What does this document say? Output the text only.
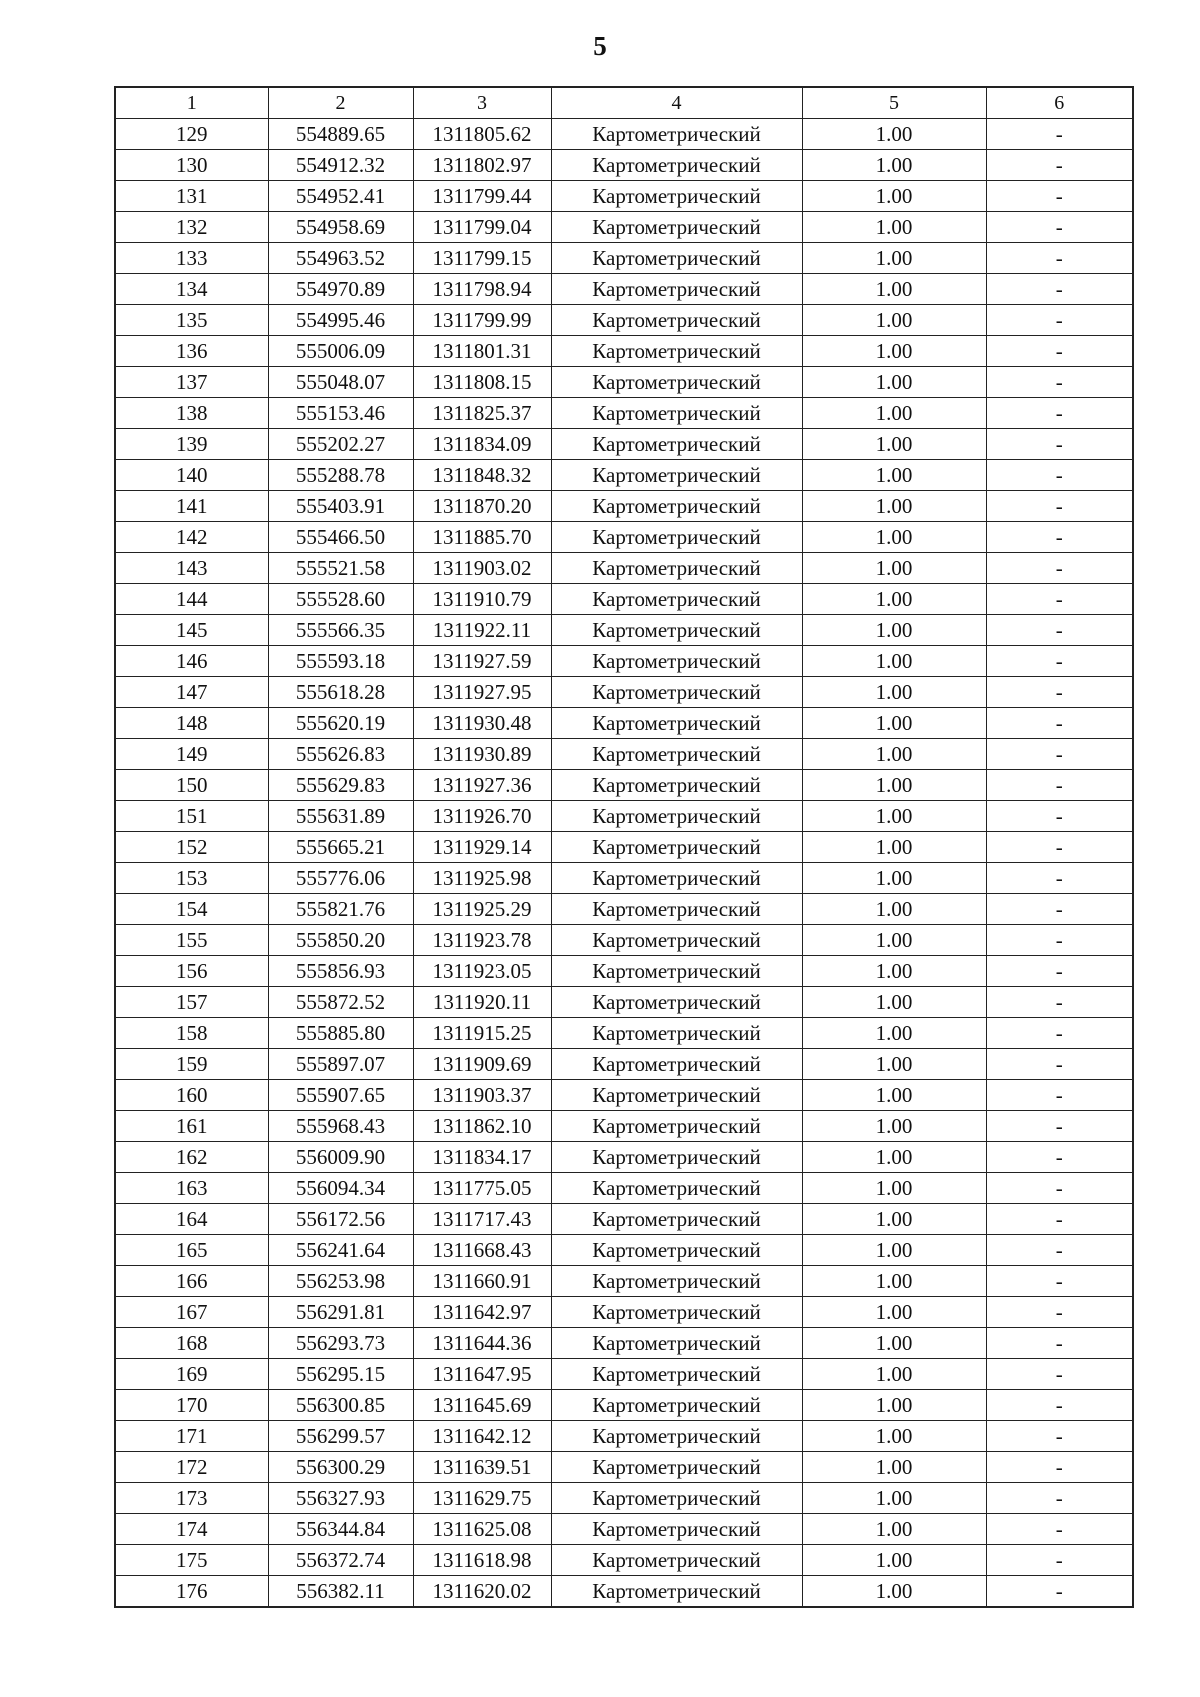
5
1	2	3	4	5	6
129	554889.65	1311805.62	Картометрический	1.00	-
130	554912.32	1311802.97	Картометрический	1.00	-
131	554952.41	1311799.44	Картометрический	1.00	-
132	554958.69	1311799.04	Картометрический	1.00	-
133	554963.52	1311799.15	Картометрический	1.00	-
134	554970.89	1311798.94	Картометрический	1.00	-
135	554995.46	1311799.99	Картометрический	1.00	-
136	555006.09	1311801.31	Картометрический	1.00	-
137	555048.07	1311808.15	Картометрический	1.00	-
138	555153.46	1311825.37	Картометрический	1.00	-
139	555202.27	1311834.09	Картометрический	1.00	-
140	555288.78	1311848.32	Картометрический	1.00	-
141	555403.91	1311870.20	Картометрический	1.00	-
142	555466.50	1311885.70	Картометрический	1.00	-
143	555521.58	1311903.02	Картометрический	1.00	-
144	555528.60	1311910.79	Картометрический	1.00	-
145	555566.35	1311922.11	Картометрический	1.00	-
146	555593.18	1311927.59	Картометрический	1.00	-
147	555618.28	1311927.95	Картометрический	1.00	-
148	555620.19	1311930.48	Картометрический	1.00	-
149	555626.83	1311930.89	Картометрический	1.00	-
150	555629.83	1311927.36	Картометрический	1.00	-
151	555631.89	1311926.70	Картометрический	1.00	-
152	555665.21	1311929.14	Картометрический	1.00	-
153	555776.06	1311925.98	Картометрический	1.00	-
154	555821.76	1311925.29	Картометрический	1.00	-
155	555850.20	1311923.78	Картометрический	1.00	-
156	555856.93	1311923.05	Картометрический	1.00	-
157	555872.52	1311920.11	Картометрический	1.00	-
158	555885.80	1311915.25	Картометрический	1.00	-
159	555897.07	1311909.69	Картометрический	1.00	-
160	555907.65	1311903.37	Картометрический	1.00	-
161	555968.43	1311862.10	Картометрический	1.00	-
162	556009.90	1311834.17	Картометрический	1.00	-
163	556094.34	1311775.05	Картометрический	1.00	-
164	556172.56	1311717.43	Картометрический	1.00	-
165	556241.64	1311668.43	Картометрический	1.00	-
166	556253.98	1311660.91	Картометрический	1.00	-
167	556291.81	1311642.97	Картометрический	1.00	-
168	556293.73	1311644.36	Картометрический	1.00	-
169	556295.15	1311647.95	Картометрический	1.00	-
170	556300.85	1311645.69	Картометрический	1.00	-
171	556299.57	1311642.12	Картометрический	1.00	-
172	556300.29	1311639.51	Картометрический	1.00	-
173	556327.93	1311629.75	Картометрический	1.00	-
174	556344.84	1311625.08	Картометрический	1.00	-
175	556372.74	1311618.98	Картометрический	1.00	-
176	556382.11	1311620.02	Картометрический	1.00	-
